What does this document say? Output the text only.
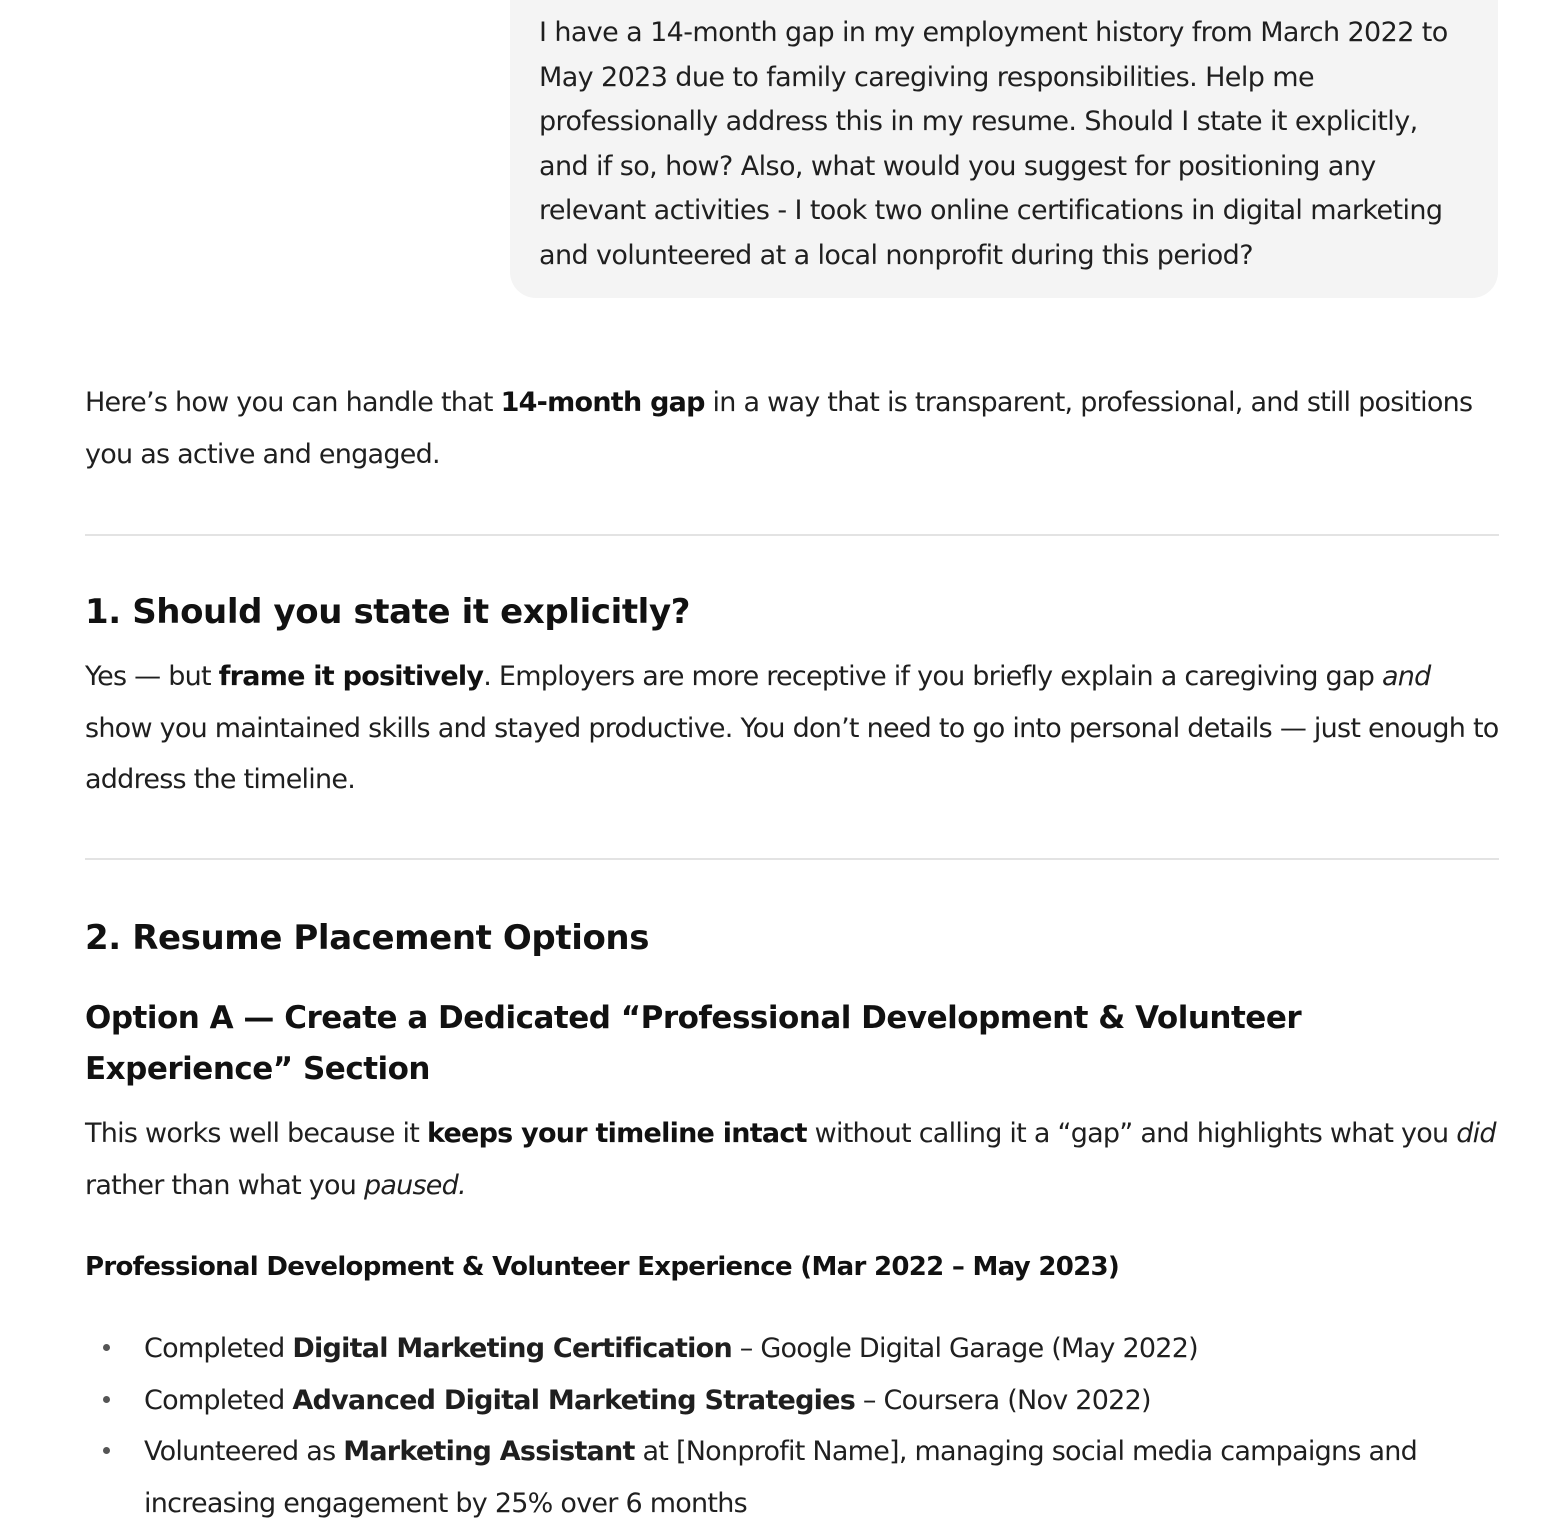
I have a 14-month gap in my employment history from March 2022 to May 2023 due to family caregiving responsibilities. Help me professionally address this in my resume. Should I state it explicitly, and if so, how? Also, what would you suggest for positioning any relevant activities - I took two online certifications in digital marketing and volunteered at a local nonprofit during this period?

Here’s how you can handle that 14-month gap in a way that is transparent, professional, and still positions you as active and engaged.

1. Should you state it explicitly?

Yes — but frame it positively. Employers are more receptive if you briefly explain a caregiving gap and show you maintained skills and stayed productive. You don’t need to go into personal details — just enough to address the timeline.

2. Resume Placement Options
Option A — Create a Dedicated “Professional Development & Volunteer Experience” Section

This works well because it keeps your timeline intact without calling it a “gap” and highlights what you did rather than what you paused.

Professional Development & Volunteer Experience (Mar 2022 – May 2023)
Completed Digital Marketing Certification – Google Digital Garage (May 2022)
Completed Advanced Digital Marketing Strategies – Coursera (Nov 2022)
Volunteered as Marketing Assistant at [Nonprofit Name], managing social media campaigns and increasing engagement by 25% over 6 months
